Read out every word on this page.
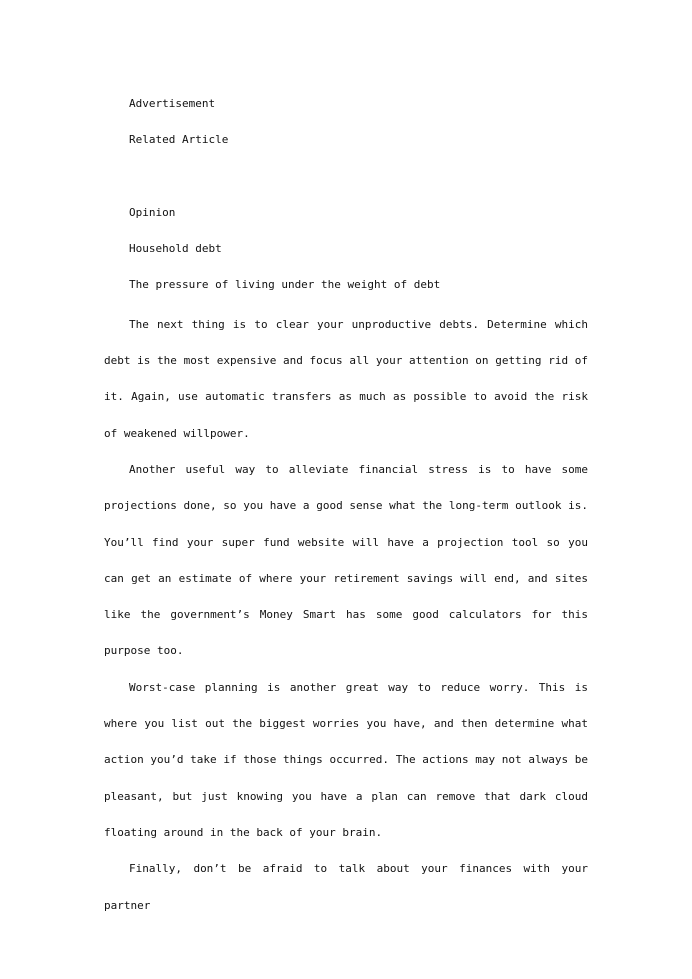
Advertisement
Related Article
Opinion
Household debt
The pressure of living under the weight of debt

The next thing is to clear your unproductive debts. Determine which debt is the most expensive and focus all your attention on getting rid of it. Again, use automatic transfers as much as possible to avoid the risk of weakened willpower.

Another useful way to alleviate financial stress is to have some projections done, so you have a good sense what the long-term outlook is. You’ll find your super fund website will have a projection tool so you can get an estimate of where your retirement savings will end, and sites like the government’s Money Smart has some good calculators for this purpose too.

Worst-case planning is another great way to reduce worry. This is where you list out the biggest worries you have, and then determine what action you’d take if those things occurred. The actions may not always be pleasant, but just knowing you have a plan can remove that dark cloud floating around in the back of your brain.

Finally, don’t be afraid to talk about your finances with your partner
